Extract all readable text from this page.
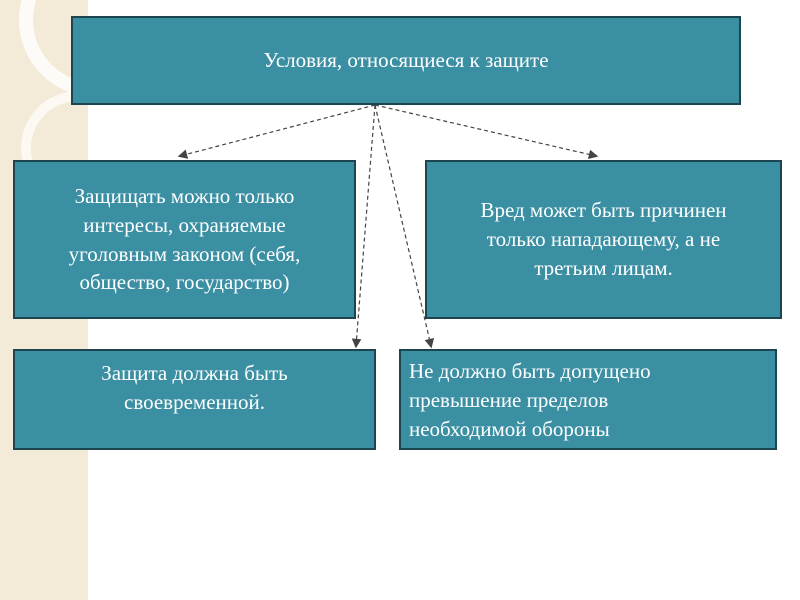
Условия, относящиеся к защите
Защищать можно только
интересы, охраняемые
уголовным законом (себя,
общество, государство)
Вред может быть причинен
только нападающему, а не
третьим лицам.
Защита должна быть
своевременной.
Не должно быть допущено
превышение пределов
необходимой обороны
